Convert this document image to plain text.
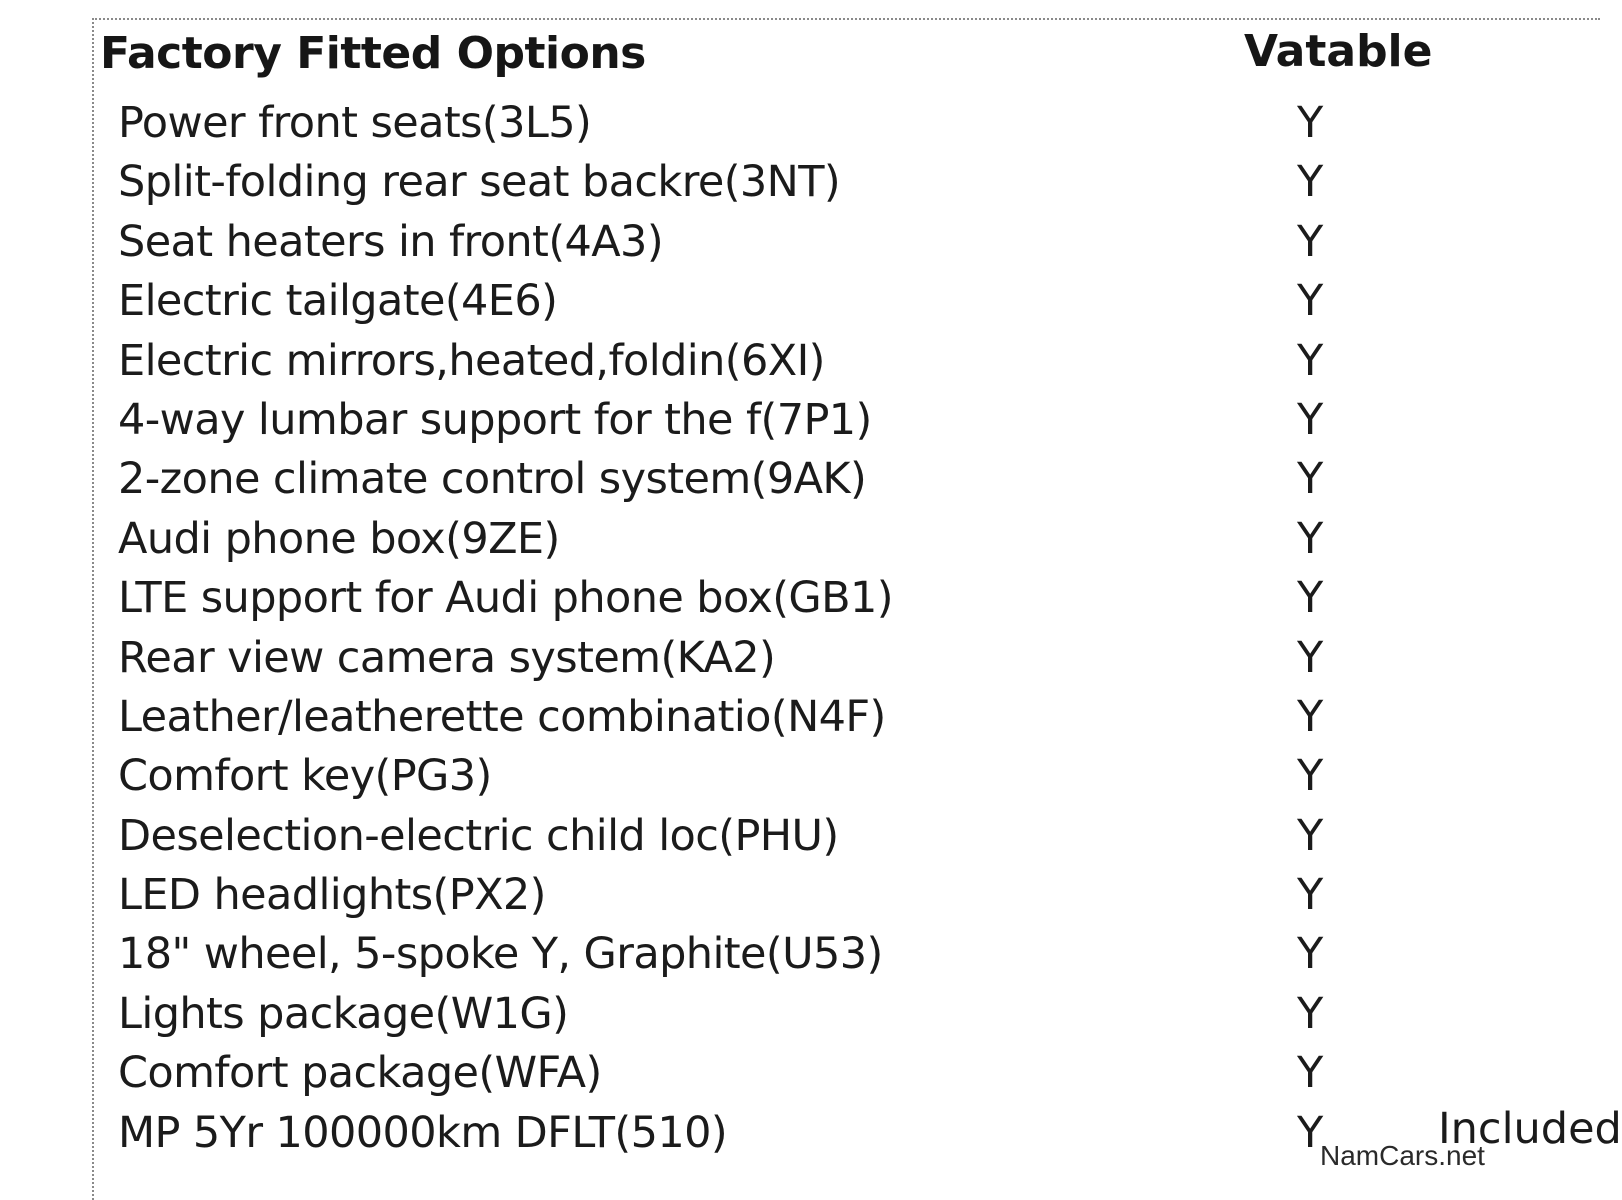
Factory Fitted Options	Vatable
Power front seats(3L5)	Y
Split-folding rear seat backre(3NT)	Y
Seat heaters in front(4A3)	Y
Electric tailgate(4E6)	Y
Electric mirrors,heated,foldin(6XI)	Y
4-way lumbar support for the f(7P1)	Y
2-zone climate control system(9AK)	Y
Audi phone box(9ZE)	Y
LTE support for Audi phone box(GB1)	Y
Rear view camera system(KA2)	Y
Leather/leatherette combinatio(N4F)	Y
Comfort key(PG3)	Y
Deselection-electric child loc(PHU)	Y
LED headlights(PX2)	Y
18" wheel, 5-spoke Y, Graphite(U53)	Y
Lights package(W1G)	Y
Comfort package(WFA)	Y
MP 5Yr 100000km DFLT(510)	Y	Included
NamCars.net
